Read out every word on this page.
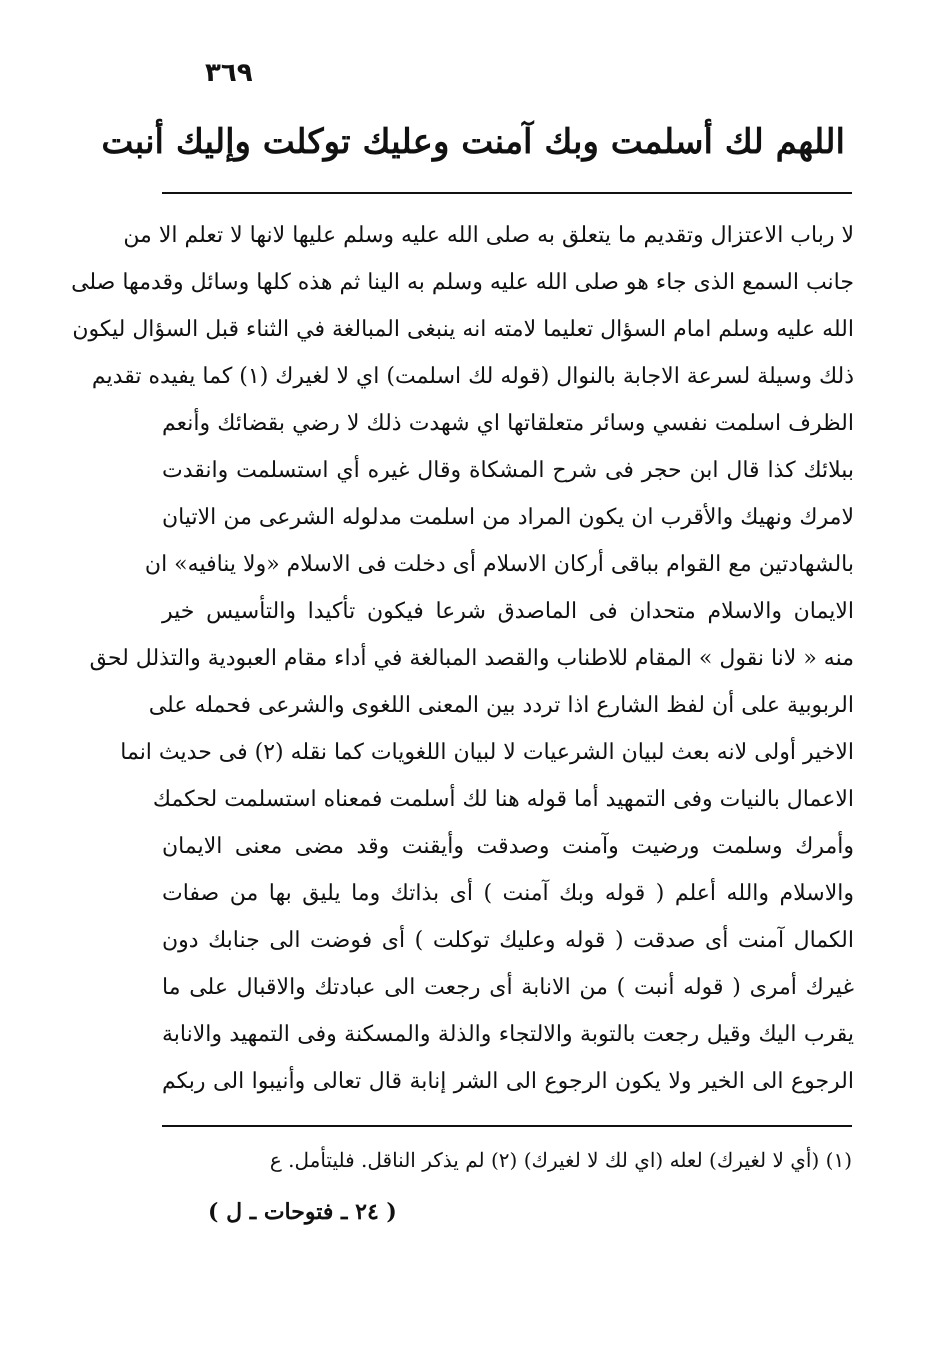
٣٦٩
اللهم لك أسلمت وبك آمنت وعليك توكلت وإليك أنبت
لا رباب الاعتزال وتقديم ما يتعلق به صلى الله عليه وسلم عليها لانها لا تعلم الا من
جانب السمع الذى جاء هو صلى الله عليه وسلم به الينا ثم هذه كلها وسائل وقدمها صلى
الله عليه وسلم امام السؤال تعليما لامته انه ينبغى المبالغة في الثناء قبل السؤال ليكون
ذلك وسيلة لسرعة الاجابة بالنوال (قوله لك اسلمت) اي لا لغيرك (١) كما يفيده تقديم
الظرف اسلمت نفسي وسائر متعلقاتها اي شهدت ذلك لا رضي بقضائك وأنعم
ببلائك كذا قال ابن حجر فى شرح المشكاة وقال غيره أي استسلمت وانقدت
لامرك ونهيك والأقرب ان يكون المراد من اسلمت مدلوله الشرعى من الاتيان
بالشهادتين مع القوام بباقى أركان الاسلام أى دخلت فى الاسلام «ولا ينافيه» ان
الايمان والاسلام متحدان فى الماصدق شرعا فيكون تأكيدا والتأسيس خير
منه « لانا نقول » المقام للاطناب والقصد المبالغة في أداء مقام العبودية والتذلل لحق
الربوبية على أن لفظ الشارع اذا تردد بين المعنى اللغوى والشرعى فحمله على
الاخير أولى لانه بعث لبيان الشرعيات لا لبيان اللغويات كما نقله (٢) فى حديث انما
الاعمال بالنيات وفى التمهيد أما قوله هنا لك أسلمت فمعناه استسلمت لحكمك
وأمرك وسلمت ورضيت وآمنت وصدقت وأيقنت وقد مضى معنى الايمان
والاسلام والله أعلم ( قوله وبك آمنت ) أى بذاتك وما يليق بها من صفات
الكمال آمنت أى صدقت ( قوله وعليك توكلت ) أى فوضت الى جنابك دون
غيرك أمرى ( قوله أنبت ) من الانابة أى رجعت الى عبادتك والاقبال على ما
يقرب اليك وقيل رجعت بالتوبة والالتجاء والذلة والمسكنة وفى التمهيد والانابة
الرجوع الى الخير ولا يكون الرجوع الى الشر إنابة قال تعالى وأنيبوا الى ربكم
(١) (أي لا لغيرك) لعله (اي لك لا لغيرك) (٢) لم يذكر الناقل. فليتأمل. ع
( ٢٤ ـ فتوحات ـ ل )
